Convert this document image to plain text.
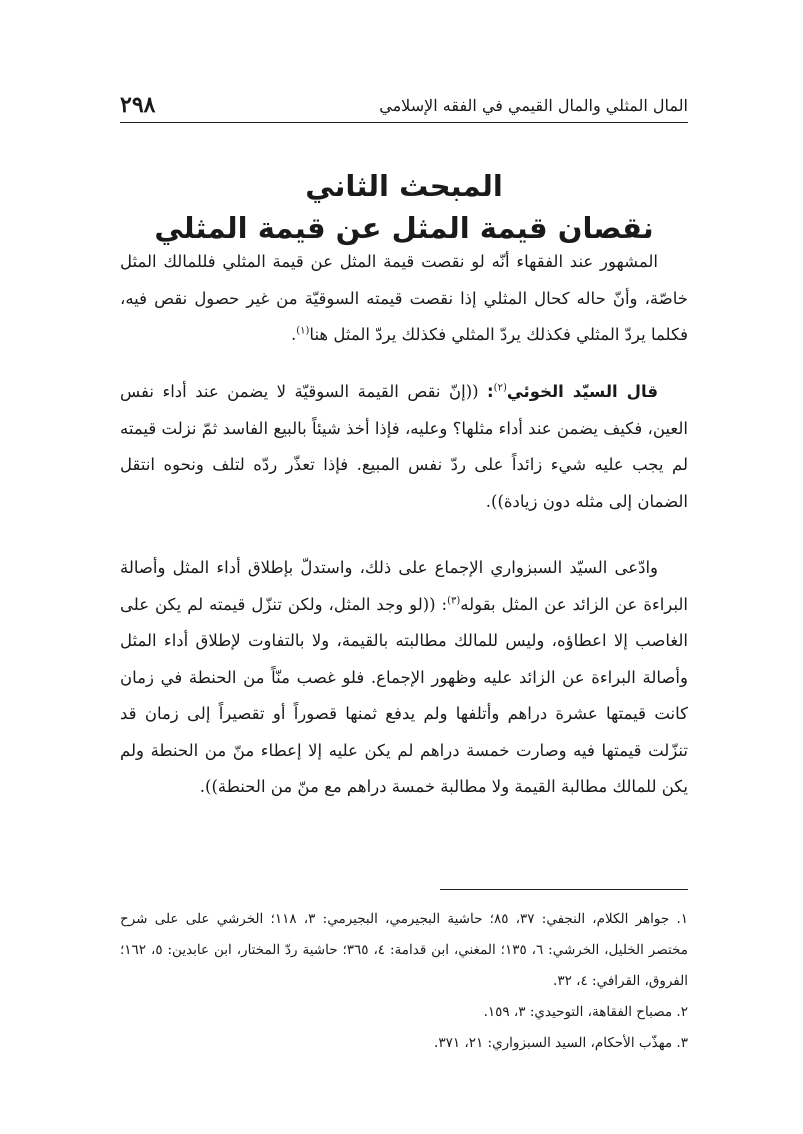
المال المثلي والمال القيمي في الفقه الإسلامي
٢٩٨
المبحث الثاني
نقصان قيمة المثل عن قيمة المثلي

المشهور عند الفقهاء أنّه لو نقصت قيمة المثل عن قيمة المثلي فللمالك المثل خاصّة، وأنّ حاله كحال المثلي إذا نقصت قيمته السوقيّة من غير حصول نقص فيه، فكلما يردّ المثلي فكذلك يردّ المثلي فكذلك يردّ المثل هنا$^{(١)}$.

قال السيّد الخوئي$^{(٢)}$: ((إنّ نقص القيمة السوقيّة لا يضمن عند أداء نفس العين، فكيف يضمن عند أداء مثلها؟ وعليه، فإذا أخذ شيئاً بالبيع الفاسد ثمّ نزلت قيمته لم يجب عليه شيء زائداً على ردّ نفس المبيع. فإذا تعذّر ردّه لتلف ونحوه انتقل الضمان إلى مثله دون زيادة)).

وادّعى السيّد السبزواري الإجماع على ذلك، واستدلّ بإطلاق أداء المثل وأصالة البراءة عن الزائد عن المثل بقوله$^{(٣)}$: ((لو وجد المثل، ولكن تنزّل قيمته لم يكن على الغاصب إلا اعطاؤه، وليس للمالك مطالبته بالقيمة، ولا بالتفاوت لإطلاق أداء المثل وأصالة البراءة عن الزائد عليه وظهور الإجماع. فلو غصب منّاً من الحنطة في زمان كانت قيمتها عشرة دراهم وأتلفها ولم يدفع ثمنها قصوراً أو تقصيراً إلى زمان قد تنزّلت قيمتها فيه وصارت خمسة دراهم لم يكن عليه إلا إعطاء منّ من الحنطة ولم يكن للمالك مطالبة القيمة ولا مطالبة خمسة دراهم مع منّ من الحنطة)).

١. جواهر الكلام، النجفي: ٣٧، ٨٥؛ حاشية البجيرمي، البجيرمي: ٣، ١١٨؛ الخرشي على على شرح مختصر الخليل، الخرشي: ٦، ١٣٥؛ المغني، ابن قدامة: ٤، ٣٦٥؛ حاشية ردّ المختار، ابن عابدين: ٥، ١٦٢؛ الفروق، القرافي: ٤، ٣٢.

٢. مصباح الفقاهة، التوحيدي: ٣، ١٥٩.

٣. مهذّب الأحكام، السيد السبزواري: ٢١، ٣٧١.
